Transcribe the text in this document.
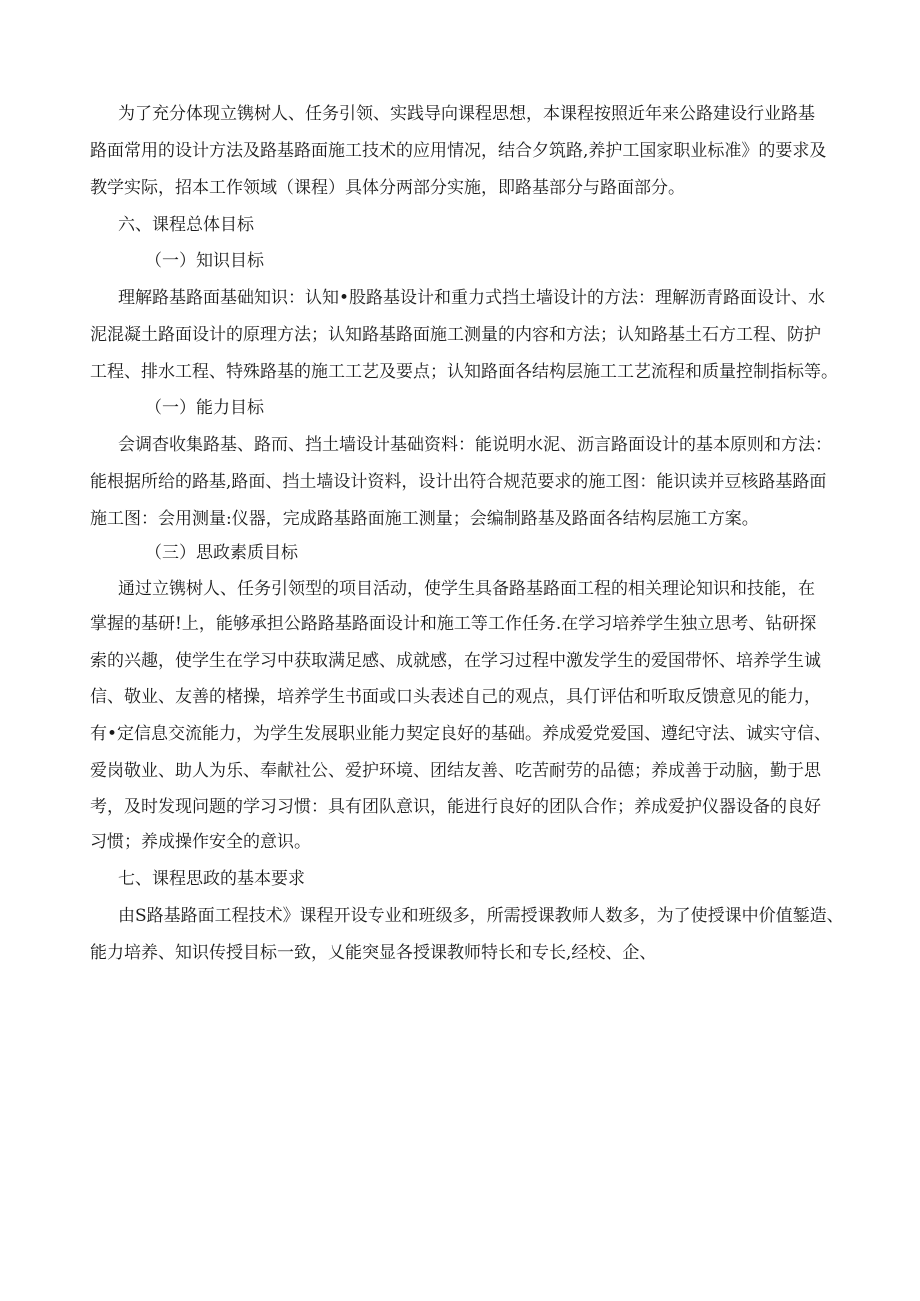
为了充分体现立镌树人、任务引领、实践导向课程思想，本课程按照近年来公路建设行业路基
路面常用的设计方法及路基路面施工技术的应用情况，结合夕筑路,养护工国家职业标准》的要求及
教学实际，招本工作领域（课程）具体分两部分实施，即路基部分与路面部分。
六、课程总体目标
（一）知识目标
理解路基路面基础知识：认知•股路基设计和重力式挡土墙设计的方法：理解沥青路面设计、水
泥混凝土路面设计的原理方法；认知路基路面施工测量的内容和方法；认知路基土石方工程、防护
工程、排水工程、特殊路基的施工工艺及要点；认知路面各结构层施工工艺流程和质量控制指标等。
（一）能力目标
会调杳收集路基、路而、挡土墙设计基础资料：能说明水泥、沥言路面设计的基本原则和方法：
能根据所给的路基,路面、挡土墙设计资料，设计出符合规范要求的施工图：能识读并豆核路基路面
施工图：会用测量:仪器，完成路基路面施工测量；会编制路基及路面各结构层施工方案。
（三）思政素质目标
通过立镌树人、任务引领型的项目活动，使学生具备路基路面工程的相关理论知识和技能，在
掌握的基研!上，能够承担公路路基路面设计和施工等工作任务.在学习培养学生独立思考、钻研探
索的兴趣，使学生在学习中获取满足感、成就感，在学习过程中激发学生的爱国带怀、培养学生诚
信、敬业、友善的楮操，培养学生书面或口头表述自己的观点，具仃评估和听取反馈意见的能力，
有•定信息交流能力，为学生发展职业能力契定良好的基础。养成爱党爱国、遵纪守法、诚实守信、
爱岗敬业、助人为乐、奉献社公、爱护环境、团结友善、吃苦耐劳的品德；养成善于动脑，勤于思
考，及时发现问题的学习习惯：具有团队意识，能进行良好的团队合作；养成爱护仪器设备的良好
习惯；养成操作安全的意识。
七、课程思政的基本要求
由S路基路面工程技术》课程开设专业和班级多，所需授课教师人数多，为了使授课中价值錾造、
能力培养、知识传授目标一致，乂能突显各授课教师特长和专长,经校、企、
